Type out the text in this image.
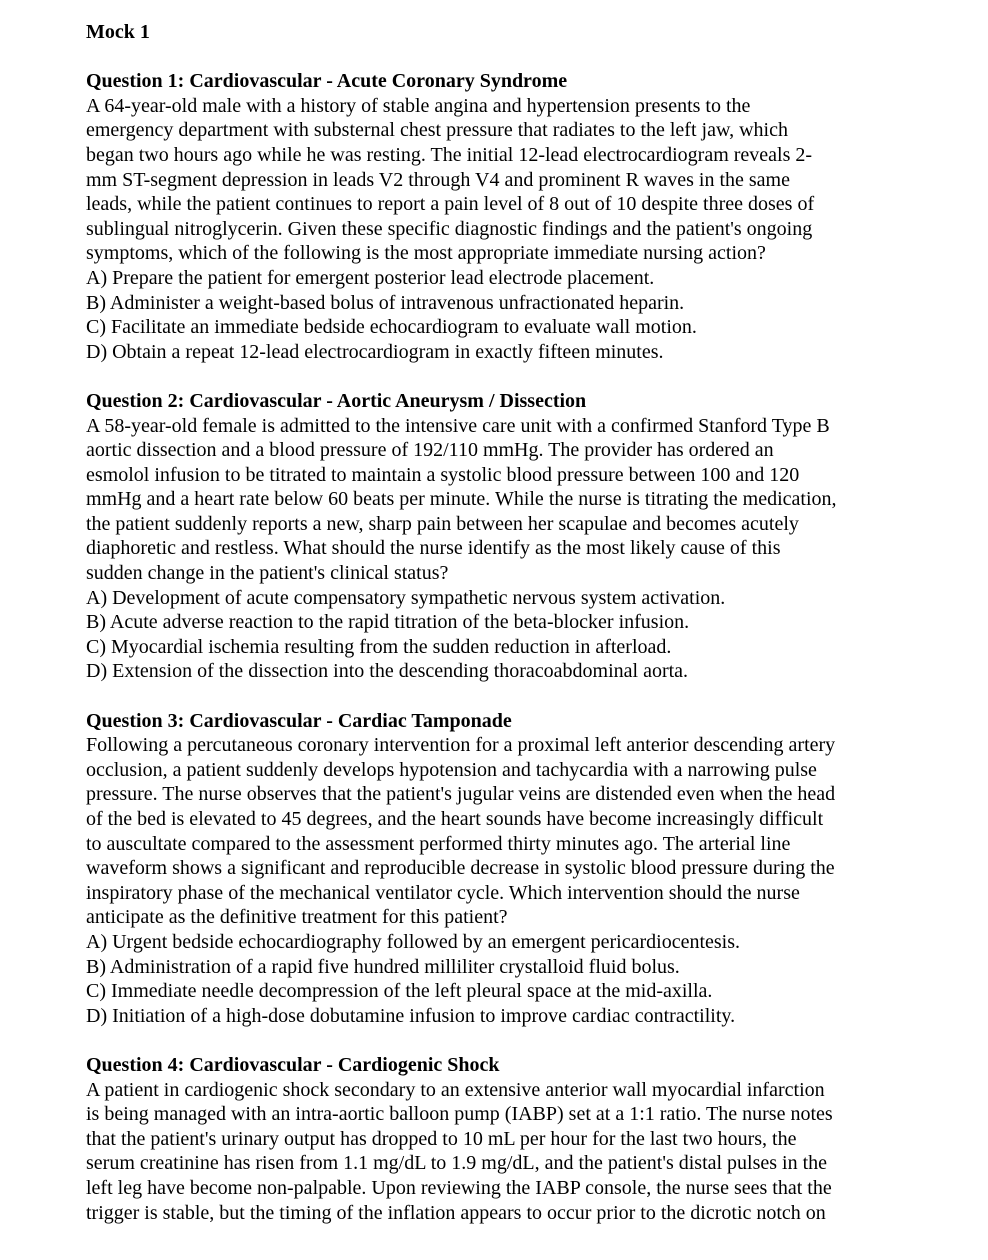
Mock 1
Question 1: Cardiovascular - Acute Coronary Syndrome
A 64-year-old male with a history of stable angina and hypertension presents to the
emergency department with substernal chest pressure that radiates to the left jaw, which
began two hours ago while he was resting. The initial 12-lead electrocardiogram reveals 2-
mm ST-segment depression in leads V2 through V4 and prominent R waves in the same
leads, while the patient continues to report a pain level of 8 out of 10 despite three doses of
sublingual nitroglycerin. Given these specific diagnostic findings and the patient's ongoing
symptoms, which of the following is the most appropriate immediate nursing action?
A) Prepare the patient for emergent posterior lead electrode placement.
B) Administer a weight-based bolus of intravenous unfractionated heparin.
C) Facilitate an immediate bedside echocardiogram to evaluate wall motion.
D) Obtain a repeat 12-lead electrocardiogram in exactly fifteen minutes.
Question 2: Cardiovascular - Aortic Aneurysm / Dissection
A 58-year-old female is admitted to the intensive care unit with a confirmed Stanford Type B
aortic dissection and a blood pressure of 192/110 mmHg. The provider has ordered an
esmolol infusion to be titrated to maintain a systolic blood pressure between 100 and 120
mmHg and a heart rate below 60 beats per minute. While the nurse is titrating the medication,
the patient suddenly reports a new, sharp pain between her scapulae and becomes acutely
diaphoretic and restless. What should the nurse identify as the most likely cause of this
sudden change in the patient's clinical status?
A) Development of acute compensatory sympathetic nervous system activation.
B) Acute adverse reaction to the rapid titration of the beta-blocker infusion.
C) Myocardial ischemia resulting from the sudden reduction in afterload.
D) Extension of the dissection into the descending thoracoabdominal aorta.
Question 3: Cardiovascular - Cardiac Tamponade
Following a percutaneous coronary intervention for a proximal left anterior descending artery
occlusion, a patient suddenly develops hypotension and tachycardia with a narrowing pulse
pressure. The nurse observes that the patient's jugular veins are distended even when the head
of the bed is elevated to 45 degrees, and the heart sounds have become increasingly difficult
to auscultate compared to the assessment performed thirty minutes ago. The arterial line
waveform shows a significant and reproducible decrease in systolic blood pressure during the
inspiratory phase of the mechanical ventilator cycle. Which intervention should the nurse
anticipate as the definitive treatment for this patient?
A) Urgent bedside echocardiography followed by an emergent pericardiocentesis.
B) Administration of a rapid five hundred milliliter crystalloid fluid bolus.
C) Immediate needle decompression of the left pleural space at the mid-axilla.
D) Initiation of a high-dose dobutamine infusion to improve cardiac contractility.
Question 4: Cardiovascular - Cardiogenic Shock
A patient in cardiogenic shock secondary to an extensive anterior wall myocardial infarction
is being managed with an intra-aortic balloon pump (IABP) set at a 1:1 ratio. The nurse notes
that the patient's urinary output has dropped to 10 mL per hour for the last two hours, the
serum creatinine has risen from 1.1 mg/dL to 1.9 mg/dL, and the patient's distal pulses in the
left leg have become non-palpable. Upon reviewing the IABP console, the nurse sees that the
trigger is stable, but the timing of the inflation appears to occur prior to the dicrotic notch on
